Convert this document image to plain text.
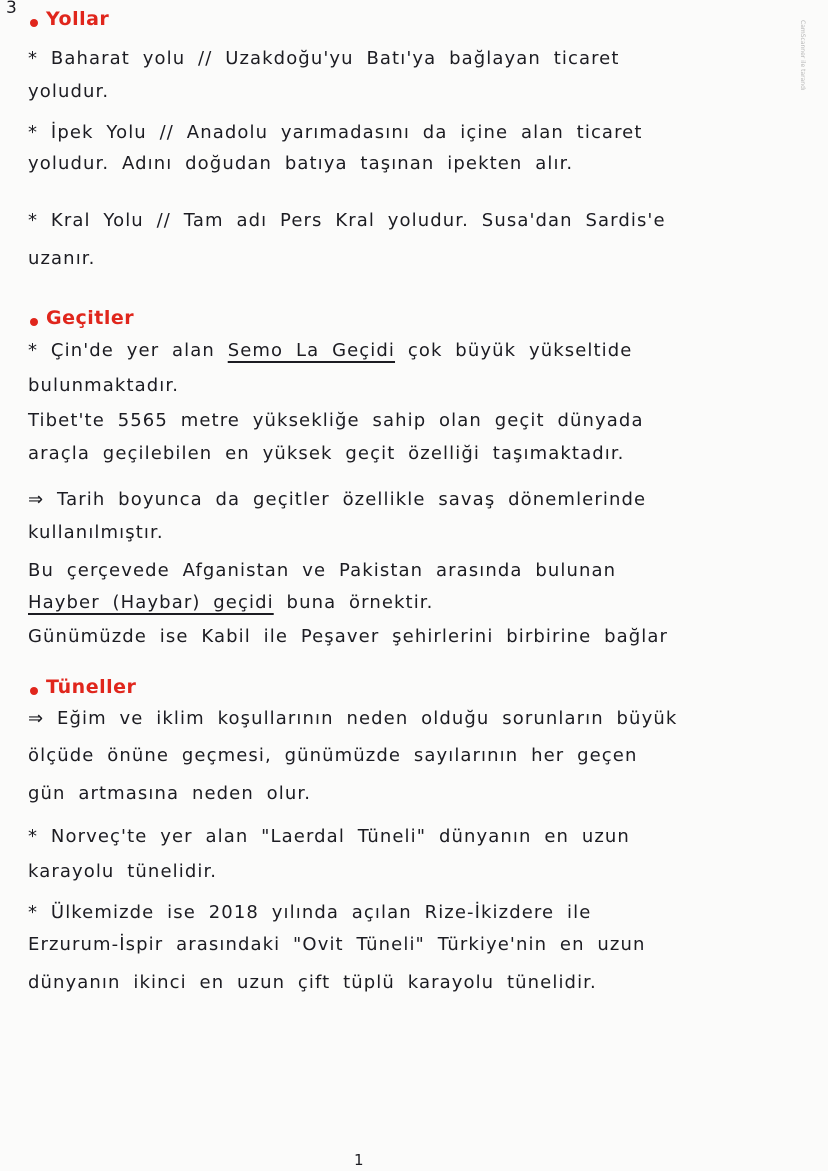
3
CamScanner ile tarandı
Yollar

* Baharat yolu // Uzakdoğu'yu Batı'ya bağlayan ticaret

yoludur.

* İpek Yolu // Anadolu yarımadasını da içine alan ticaret

yoludur. Adını doğudan batıya taşınan ipekten alır.

* Kral Yolu // Tam adı Pers Kral yoludur. Susa'dan Sardis'e

uzanır.

Geçitler

* Çin'de yer alan Semo La Geçidi çok büyük yükseltide

bulunmaktadır.

Tibet'te 5565 metre yüksekliğe sahip olan geçit dünyada

araçla geçilebilen en yüksek geçit özelliği taşımaktadır.

⇒ Tarih boyunca da geçitler özellikle savaş dönemlerinde

kullanılmıştır.

Bu çerçevede Afganistan ve Pakistan arasında bulunan

Hayber (Haybar) geçidi buna örnektir.

Günümüzde ise Kabil ile Peşaver şehirlerini birbirine bağlar

Tüneller

⇒ Eğim ve iklim koşullarının neden olduğu sorunların büyük

ölçüde önüne geçmesi, günümüzde sayılarının her geçen

gün artmasına neden olur.

* Norveç'te yer alan "Laerdal Tüneli" dünyanın en uzun

karayolu tünelidir.

* Ülkemizde ise 2018 yılında açılan Rize-İkizdere ile

Erzurum-İspir arasındaki "Ovit Tüneli" Türkiye'nin en uzun

dünyanın ikinci en uzun çift tüplü karayolu tünelidir.

1
